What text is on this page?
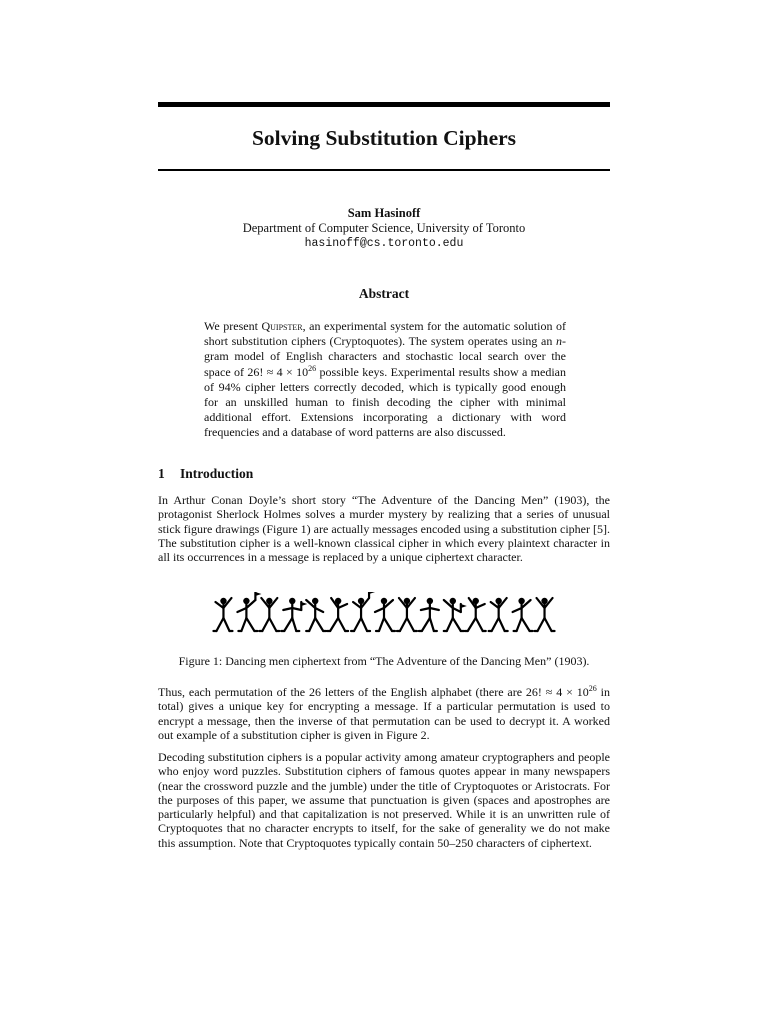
Solving Substitution Ciphers
Sam Hasinoff
Department of Computer Science, University of Toronto
hasinoff@cs.toronto.edu
Abstract

We present Quipster, an experimental system for the automatic solution of short substitution ciphers (Cryptoquotes). The system operates using an n-gram model of English characters and stochastic local search over the space of 26! ≈ $4 \times 10^{26}$ possible keys. Experimental results show a median of 94% cipher letters correctly decoded, which is typically good enough for an unskilled human to finish decoding the cipher with minimal additional effort. Extensions incorporating a dictionary with word frequencies and a database of word patterns are also discussed.

1 Introduction

In Arthur Conan Doyle’s short story “The Adventure of the Dancing Men” (1903), the protagonist Sherlock Holmes solves a murder mystery by realizing that a series of unusual stick figure drawings (Figure 1) are actually messages encoded using a substitution cipher [5]. The substitution cipher is a well-known classical cipher in which every plaintext character in all its occurrences in a message is replaced by a unique ciphertext character.

Figure 1: Dancing men ciphertext from “The Adventure of the Dancing Men” (1903).

Thus, each permutation of the 26 letters of the English alphabet (there are 26! ≈ $4 \times 10^{26}$ in total) gives a unique key for encrypting a message. If a particular permutation is used to encrypt a message, then the inverse of that permutation can be used to decrypt it. A worked out example of a substitution cipher is given in Figure 2.

Decoding substitution ciphers is a popular activity among amateur cryptographers and people who enjoy word puzzles. Substitution ciphers of famous quotes appear in many newspapers (near the crossword puzzle and the jumble) under the title of Cryptoquotes or Aristocrats. For the purposes of this paper, we assume that punctuation is given (spaces and apostrophes are particularly helpful) and that capitalization is not preserved. While it is an unwritten rule of Cryptoquotes that no character encrypts to itself, for the sake of generality we do not make this assumption. Note that Cryptoquotes typically contain 50–250 characters of ciphertext.
